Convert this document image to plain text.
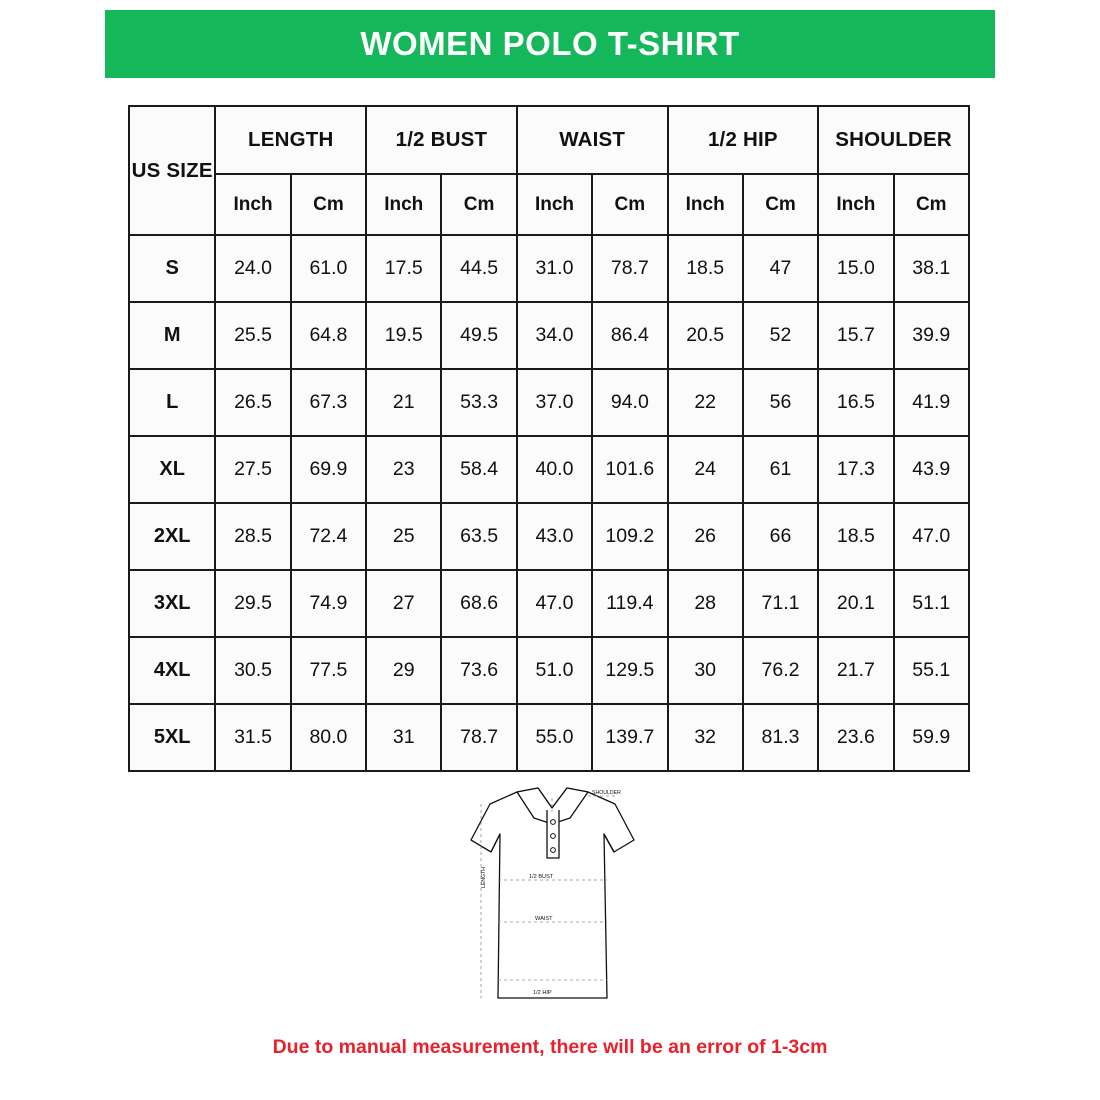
WOMEN POLO T-SHIRT
US SIZE	LENGTH		1/2 BUST		WAIST		1/2 HIP		SHOULDER	
	Inch	Cm	Inch	Cm	Inch	Cm	Inch	Cm	Inch	Cm
S	24.0	61.0	17.5	44.5	31.0	78.7	18.5	47	15.0	38.1
M	25.5	64.8	19.5	49.5	34.0	86.4	20.5	52	15.7	39.9
L	26.5	67.3	21	53.3	37.0	94.0	22	56	16.5	41.9
XL	27.5	69.9	23	58.4	40.0	101.6	24	61	17.3	43.9
2XL	28.5	72.4	25	63.5	43.0	109.2	26	66	18.5	47.0
3XL	29.5	74.9	27	68.6	47.0	119.4	28	71.1	20.1	51.1
4XL	30.5	77.5	29	73.6	51.0	129.5	30	76.2	21.7	55.1
5XL	31.5	80.0	31	78.7	55.0	139.7	32	81.3	23.6	59.9
SHOULDER
LENGTH	1/2 BUST
WAIST
1/2 HIP
Due to manual measurement, there will be an error of 1-3cm
